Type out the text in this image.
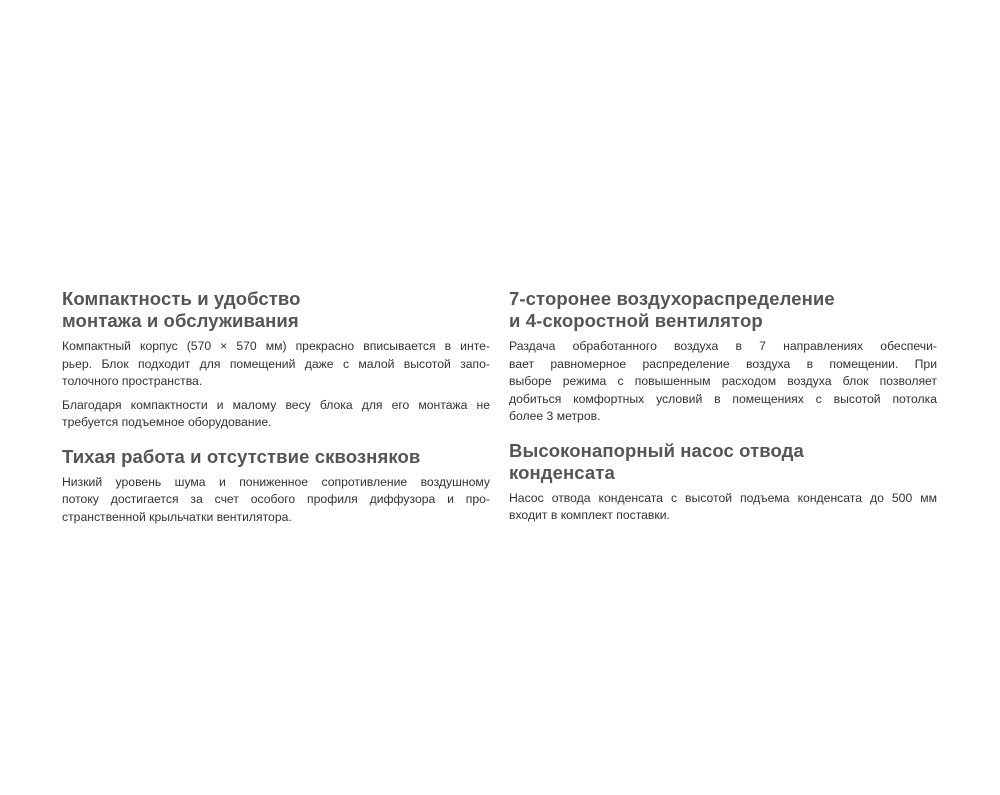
Компактность и удобство
монтажа и обслуживания

Компактный корпус (570 × 570 мм) прекрасно вписывается в инте-
рьер. Блок подходит для помещений даже с малой высотой запо-
толочного пространства.

Благодаря компактности и малому весу блока для его монтажа не
требуется подъемное оборудование.

Тихая работа и отсутствие сквозняков

Низкий уровень шума и пониженное сопротивление воздушному
потоку достигается за счет особого профиля диффузора и про-
странственной крыльчатки вентилятора.

7-сторонее воздухораспределение
и 4-скоростной вентилятор

Раздача обработанного воздуха в 7 направлениях обеспечи-
вает равномерное распределение воздуха в помещении. При
выборе режима с повышенным расходом воздуха блок позволяет
добиться комфортных условий в помещениях с высотой потолка
более 3 метров.

Высоконапорный насос отвода
конденсата

Насос отвода конденсата с высотой подъема конденсата до 500 мм
входит в комплект поставки.
